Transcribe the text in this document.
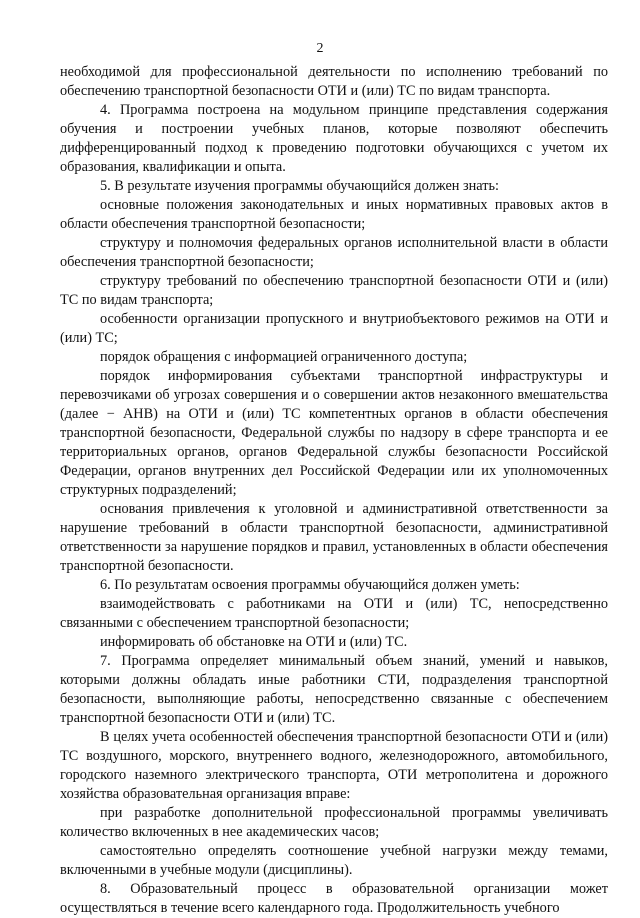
2

необходимой для профессиональной деятельности по исполнению требований по обеспечению транспортной безопасности ОТИ и (или) ТС по видам транспорта.

4. Программа построена на модульном принципе представления содержания обучения и построении учебных планов, которые позволяют обеспечить дифференцированный подход к проведению подготовки обучающихся с учетом их образования, квалификации и опыта.

5. В результате изучения программы обучающийся должен знать:

основные положения законодательных и иных нормативных правовых актов в области обеспечения транспортной безопасности;

структуру и полномочия федеральных органов исполнительной власти в области обеспечения транспортной безопасности;

структуру требований по обеспечению транспортной безопасности ОТИ и (или) ТС по видам транспорта;

особенности организации пропускного и внутриобъектового режимов на ОТИ и (или) ТС;

порядок обращения с информацией ограниченного доступа;

порядок информирования субъектами транспортной инфраструктуры и перевозчиками об угрозах совершения и о совершении актов незаконного вмешательства (далее − АНВ) на ОТИ и (или) ТС компетентных органов в области обеспечения транспортной безопасности, Федеральной службы по надзору в сфере транспорта и ее территориальных органов, органов Федеральной службы безопасности Российской Федерации, органов внутренних дел Российской Федерации или их уполномоченных структурных подразделений;

основания привлечения к уголовной и административной ответственности за нарушение требований в области транспортной безопасности, административной ответственности за нарушение порядков и правил, установленных в области обеспечения транспортной безопасности.

6. По результатам освоения программы обучающийся должен уметь:

взаимодействовать с работниками на ОТИ и (или) ТС, непосредственно связанными с обеспечением транспортной безопасности;

информировать об обстановке на ОТИ и (или) ТС.

7. Программа определяет минимальный объем знаний, умений и навыков, которыми должны обладать иные работники СТИ, подразделения транспортной безопасности, выполняющие работы, непосредственно связанные с обеспечением транспортной безопасности ОТИ и (или) ТС.

В целях учета особенностей обеспечения транспортной безопасности ОТИ и (или) ТС воздушного, морского, внутреннего водного, железнодорожного, автомобильного, городского наземного электрического транспорта, ОТИ метрополитена и дорожного хозяйства образовательная организация вправе:

при разработке дополнительной профессиональной программы увеличивать количество включенных в нее академических часов;

самостоятельно определять соотношение учебной нагрузки между темами, включенными в учебные модули (дисциплины).

8. Образовательный процесс в образовательной организации может осуществляться в течение всего календарного года. Продолжительность учебного
